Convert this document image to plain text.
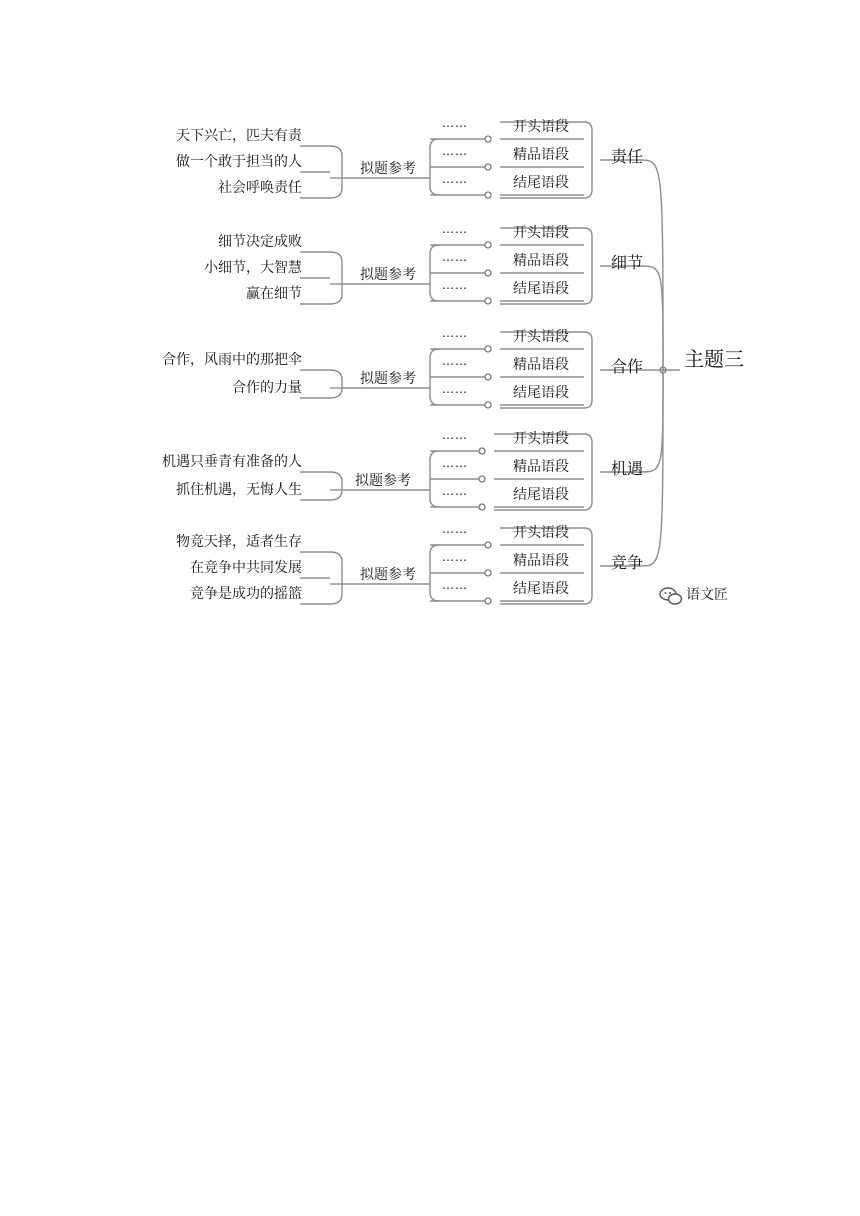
主题三
责任
开头语段
……
精品语段
……
结尾语段
……
拟题参考
天下兴亡，匹夫有责
做一个敢于担当的人
社会呼唤责任
细节
开头语段
……
精品语段
……
结尾语段
……
拟题参考
细节决定成败
小细节，大智慧
赢在细节
合作
开头语段
……
精品语段
……
结尾语段
……
拟题参考
合作，风雨中的那把伞
合作的力量
机遇
开头语段
……
精品语段
……
结尾语段
……
拟题参考
机遇只垂青有准备的人
抓住机遇，无悔人生
竞争
开头语段
……
精品语段
……
结尾语段
……
拟题参考
物竞天择，适者生存
在竞争中共同发展
竞争是成功的摇篮	语文匠
